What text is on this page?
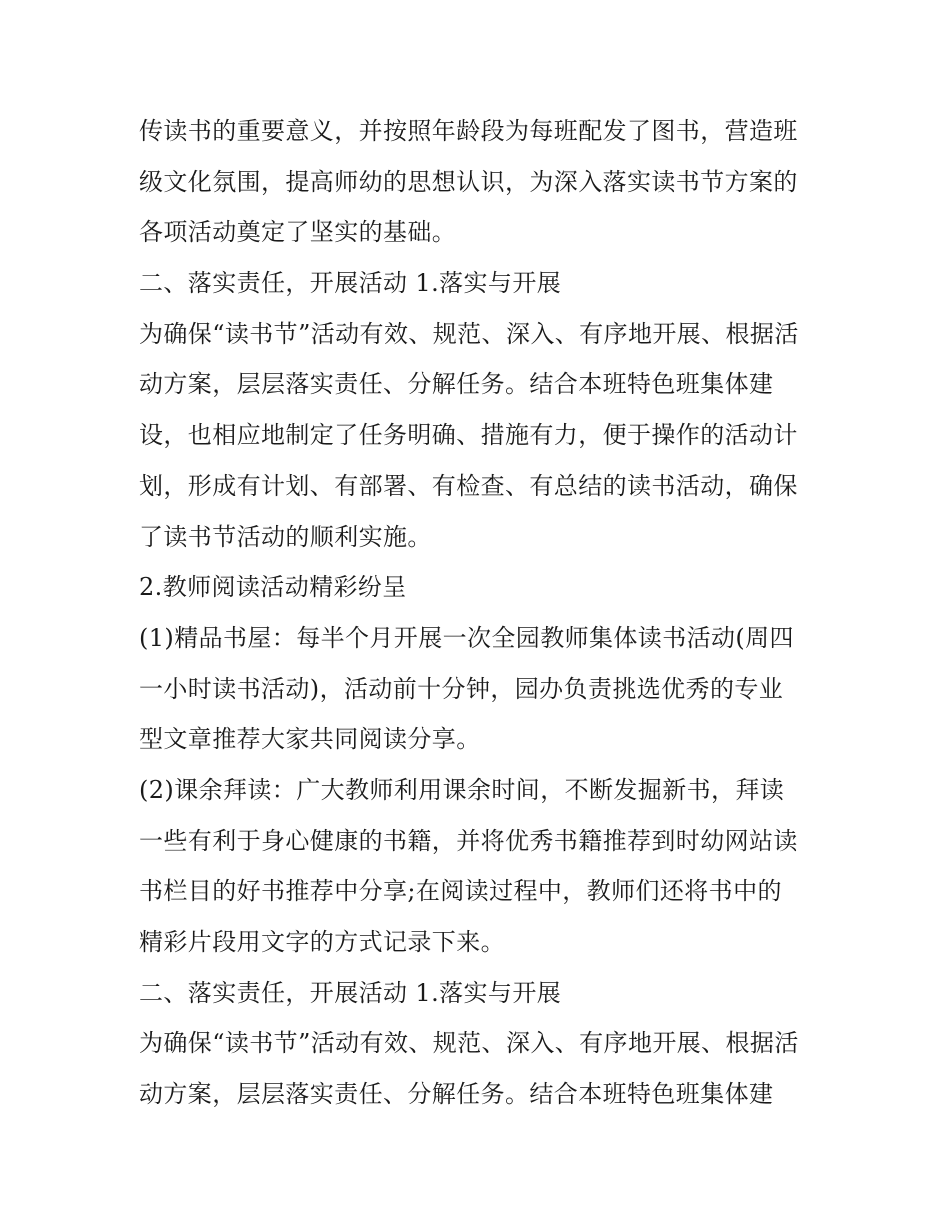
传读书的重要意义，并按照年龄段为每班配发了图书，营造班
级文化氛围，提高师幼的思想认识，为深入落实读书节方案的
各项活动奠定了坚实的基础。
二、落实责任，开展活动 1.落实与开展
为确保“读书节”活动有效、规范、深入、有序地开展、根据活
动方案，层层落实责任、分解任务。结合本班特色班集体建
设，也相应地制定了任务明确、措施有力，便于操作的活动计
划，形成有计划、有部署、有检查、有总结的读书活动，确保
了读书节活动的顺利实施。
2.教师阅读活动精彩纷呈
(1)精品书屋：每半个月开展一次全园教师集体读书活动(周四
一小时读书活动)，活动前十分钟，园办负责挑选优秀的专业
型文章推荐大家共同阅读分享。
(2)课余拜读：广大教师利用课余时间，不断发掘新书，拜读
一些有利于身心健康的书籍，并将优秀书籍推荐到时幼网站读
书栏目的好书推荐中分享;在阅读过程中，教师们还将书中的
精彩片段用文字的方式记录下来。
二、落实责任，开展活动 1.落实与开展
为确保“读书节”活动有效、规范、深入、有序地开展、根据活
动方案，层层落实责任、分解任务。结合本班特色班集体建
